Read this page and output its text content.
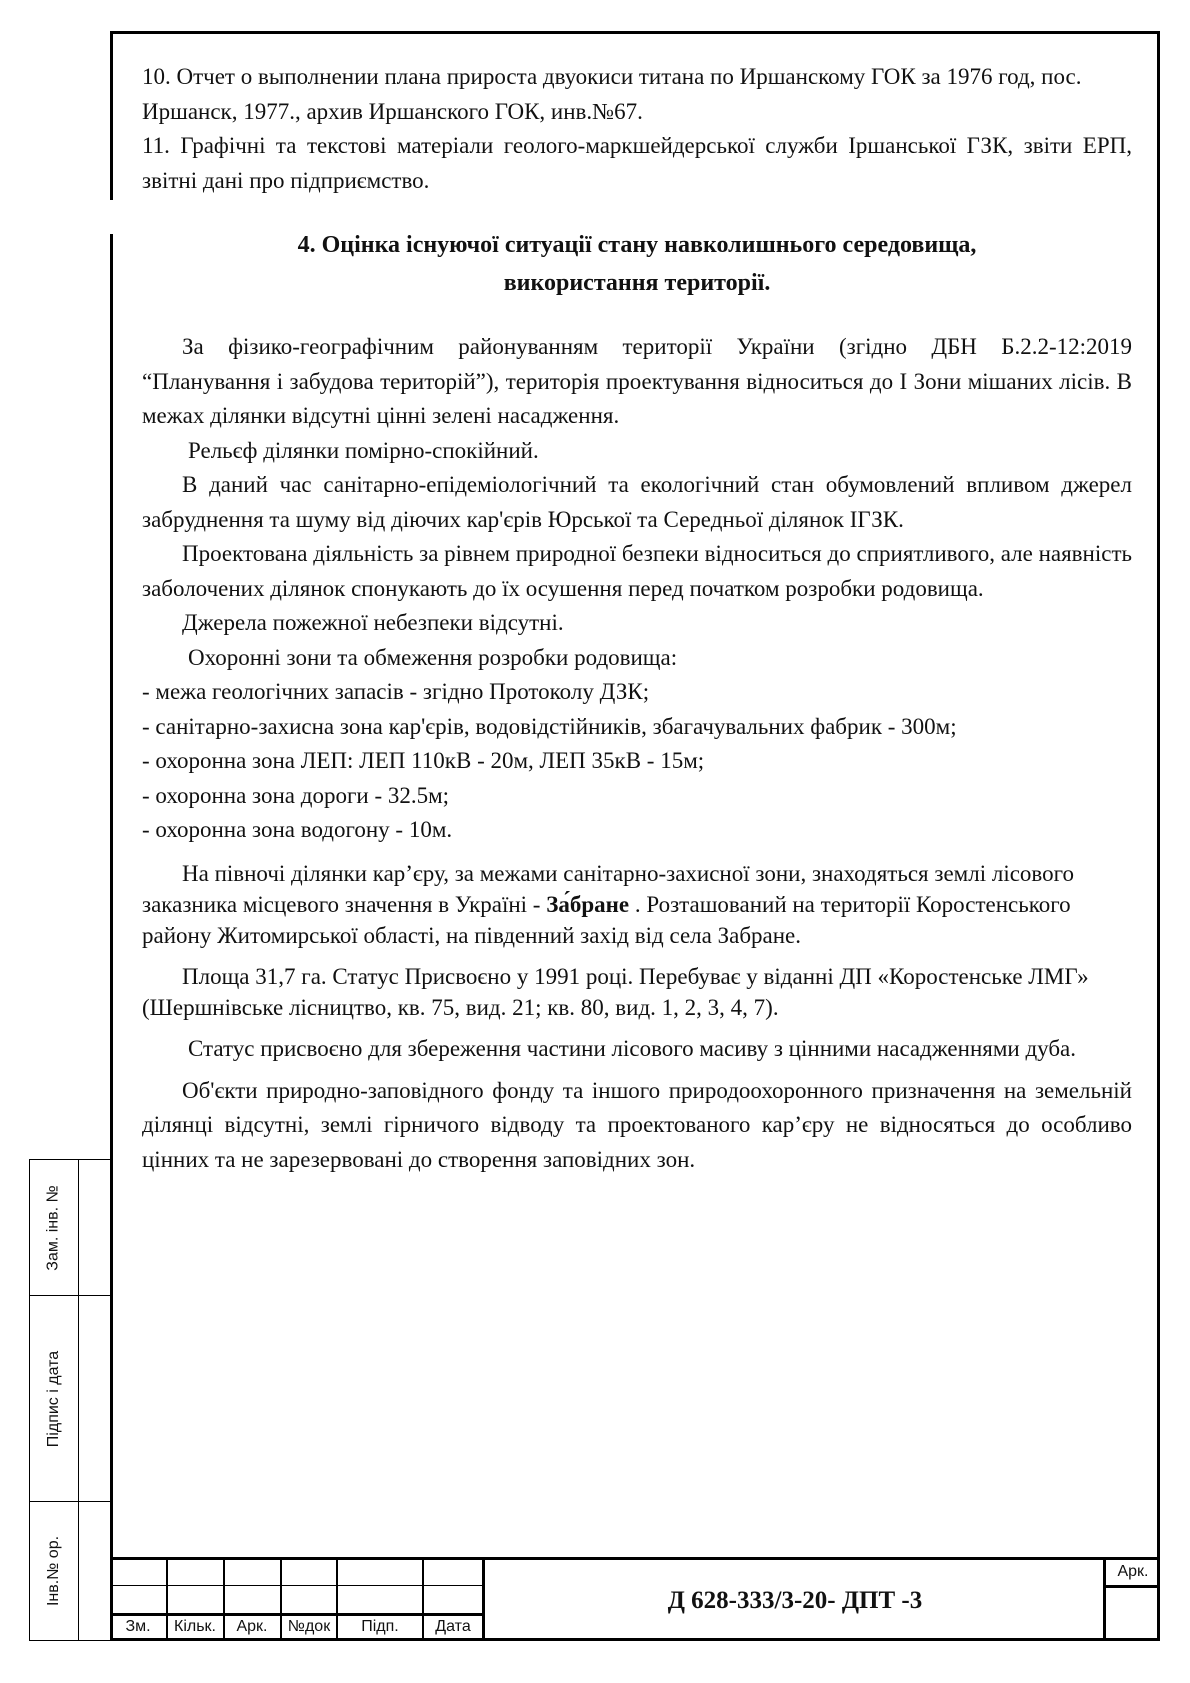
10. Отчет о выполнении плана прироста двуокиси титана по Иршанскому ГОК за 1976 год, пос. Иршанск, 1977., архив Иршанского ГОК, инв.№67.

11. Графічні та текстові матеріали геолого-маркшейдерської служби Іршанської ГЗК, звіти ЕРП, звітні дані про підприємство.

4. Оцінка існуючої ситуації стану навколишнього середовища,
використання території.

За фізико-географічним районуванням території України (згідно ДБН Б.2.2-12:2019 “Планування і забудова територій”), територія проектування відноситься до І Зони мішаних лісів. В межах ділянки відсутні цінні зелені насадження.

Рельєф ділянки помірно-спокійний.

В даний час санітарно-епідеміологічний та екологічний стан обумовлений впливом джерел забруднення та шуму від діючих кар'єрів Юрської та Середньої ділянок ІГЗК.

Проектована діяльність за рівнем природної безпеки відноситься до сприятливого, але наявність заболочених ділянок спонукають до їх осушення перед початком розробки родовища.

Джерела пожежної небезпеки відсутні.

Охоронні зони та обмеження розробки родовища:

- межа геологічних запасів - згідно Протоколу ДЗК;

- санітарно-захисна зона кар'єрів, водовідстійників, збагачувальних фабрик - 300м;

- охоронна зона ЛЕП: ЛЕП 110кВ - 20м, ЛЕП 35кВ - 15м;

- охоронна зона дороги - 32.5м;

- охоронна зона водогону - 10м.

На півночі ділянки кар’єру, за межами санітарно-захисної зони, знаходяться землі лісового заказника місцевого значення в Україні - За́бране . Розташований на території Коростенського району Житомирської області, на південний захід від села Забране.

Площа 31,7 га. Статус Присвоєно у 1991 році. Перебуває у віданні ДП «Коростенське ЛМГ» (Шершнівське лісництво, кв. 75, вид. 21; кв. 80, вид. 1, 2, 3, 4, 7).

Статус присвоєно для збереження частини лісового масиву з цінними насадженнями дуба.

Об'єкти природно-заповідного фонду та іншого природоохоронного призначення на земельній ділянці відсутні, землі гірничого відводу та проектованого кар’єру не відносяться до особливо цінних та не зарезервовані до створення заповідних зон.

Зам. інв. №
Підпис і дата
Інв.№ ор.
Зм.	Кільк.	Арк.	№док	Підп.	Дата
Д 628-333/3-20- ДПТ -3
Арк.
